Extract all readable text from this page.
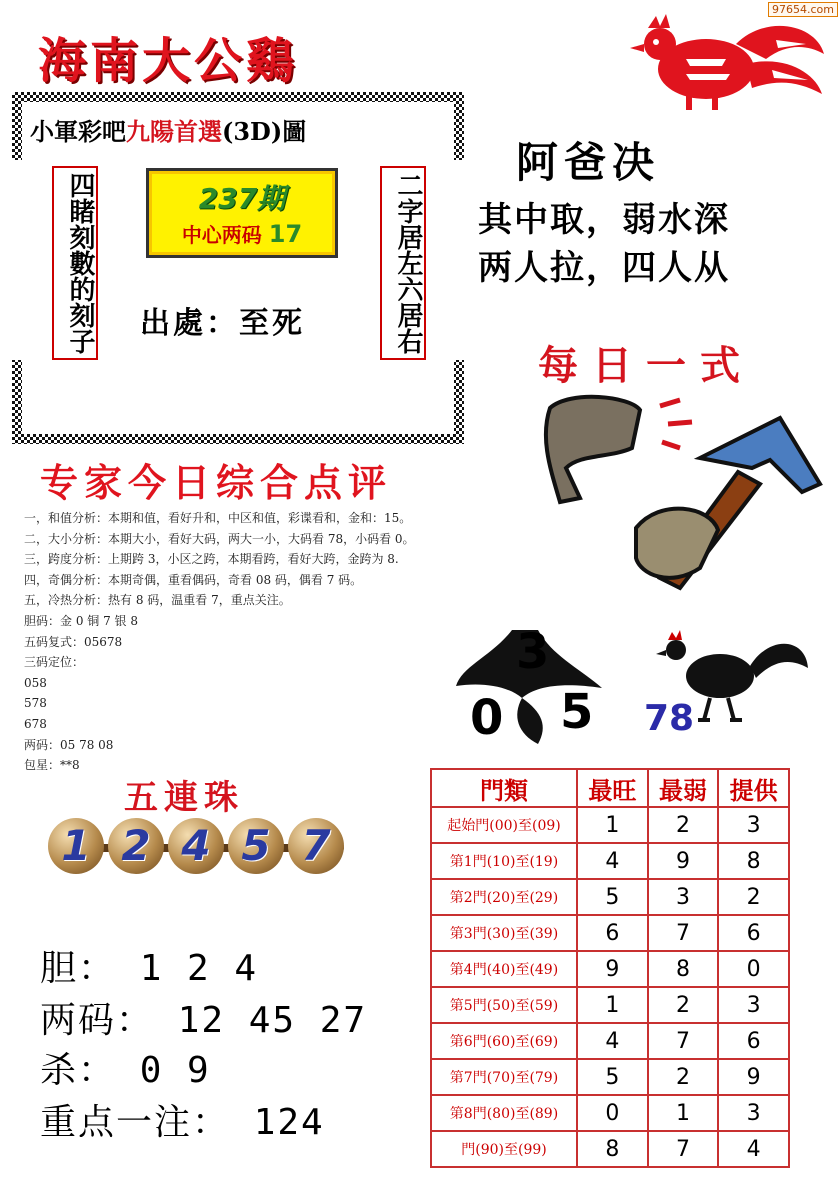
97654.com
海南大公鷄
小軍彩吧九陽首選(3D)圖
四睹刻數的刻子	二字居左六居右
237期
中心两码 17
出處：至死
阿爸决
其中取，弱水深
两人拉，四人从
每日一式
专家今日综合点评
一，和值分析：本期和值，看好升和，中区和值，彩谍看和，金和：15。
二，大小分析：本期大小，看好大码，两大一小，大码看 78，小码看 0。
三，跨度分析：上期跨 3，小区之跨，本期看跨，看好大跨，金跨为 8.
四，奇偶分析：本期奇偶，重看偶码，奇看 08 码，偶看 7 码。
五，冷热分析：热有 8 码，温重看 7，重点关注。
胆码：金 0 铜 7 银 8
五码复式：05678
三码定位：
058
578
678
两码：05 78 08
包星：**8
五連珠
1 2 4 5 7
胆： 1 2 4
两码： 12 45 27
杀： 0 9
重点一注： 124
3
0 5 78
門類	最旺	最弱	提供
起始門(00)至(09)	1	2	3
第1門(10)至(19)	4	9	8
第2門(20)至(29)	5	3	2
第3門(30)至(39)	6	7	6
第4門(40)至(49)	9	8	0
第5門(50)至(59)	1	2	3
第6門(60)至(69)	4	7	6
第7門(70)至(79)	5	2	9
第8門(80)至(89)	0	1	3
門(90)至(99)	8	7	4
